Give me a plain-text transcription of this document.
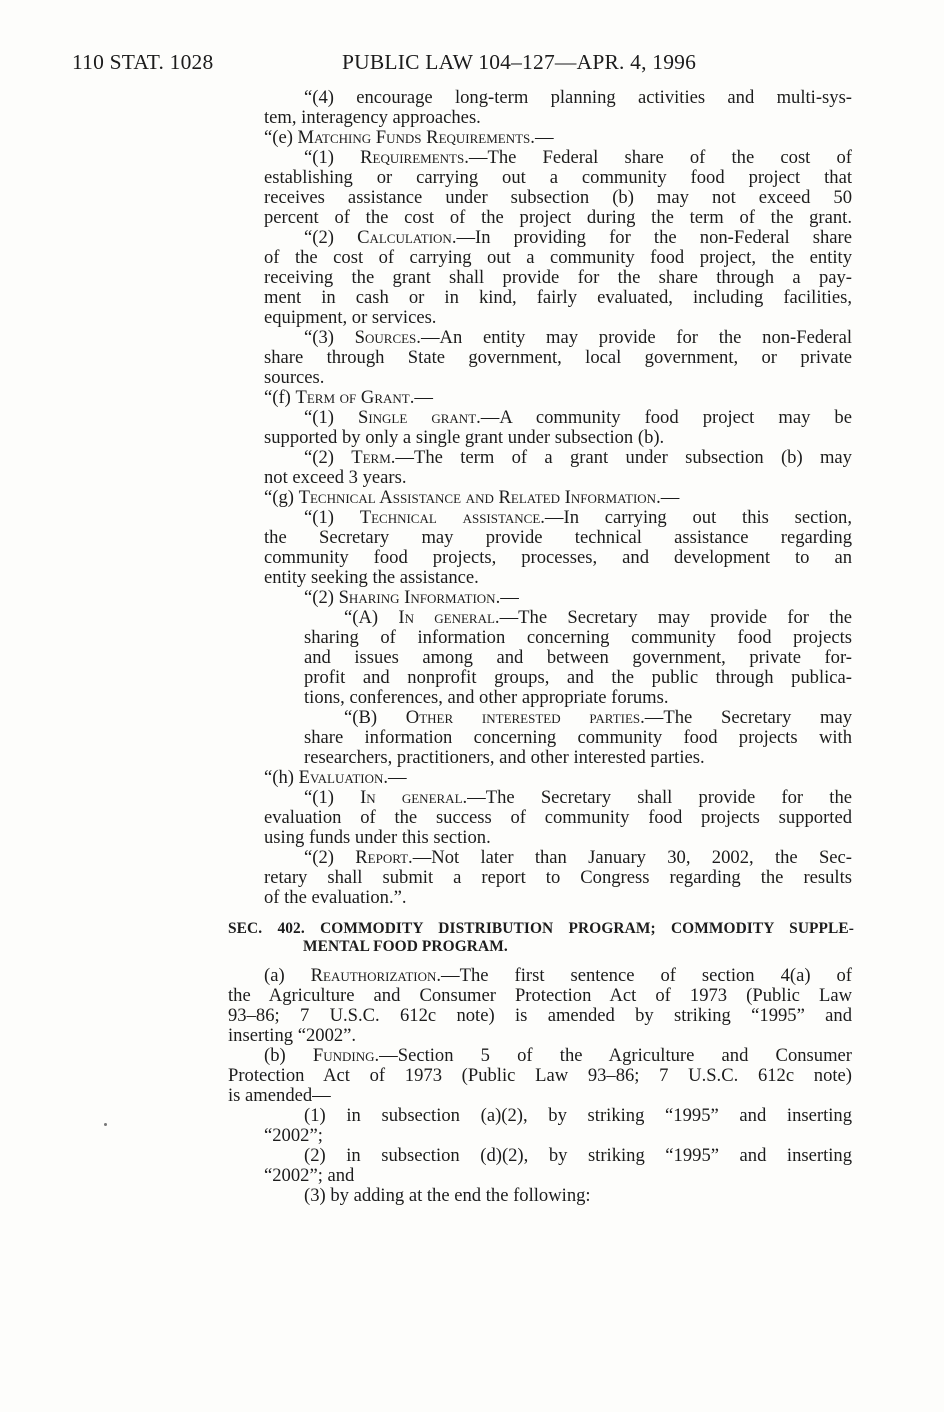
110 STAT. 1028	PUBLIC LAW 104–127—APR. 4, 1996
“(4) encourage long-term planning activities and multi-sys-
tem, interagency approaches.
“(e) Matching Funds Requirements.—
“(1) Requirements.—The Federal share of the cost of
establishing or carrying out a community food project that
receives assistance under subsection (b) may not exceed 50
percent of the cost of the project during the term of the grant.
“(2) Calculation.—In providing for the non-Federal share
of the cost of carrying out a community food project, the entity
receiving the grant shall provide for the share through a pay-
ment in cash or in kind, fairly evaluated, including facilities,
equipment, or services.
“(3) Sources.—An entity may provide for the non-Federal
share through State government, local government, or private
sources.
“(f) Term of Grant.—
“(1) Single grant.—A community food project may be
supported by only a single grant under subsection (b).
“(2) Term.—The term of a grant under subsection (b) may
not exceed 3 years.
“(g) Technical Assistance and Related Information.—
“(1) Technical assistance.—In carrying out this section,
the Secretary may provide technical assistance regarding
community food projects, processes, and development to an
entity seeking the assistance.
“(2) Sharing Information.—
“(A) In general.—The Secretary may provide for the
sharing of information concerning community food projects
and issues among and between government, private for-
profit and nonprofit groups, and the public through publica-
tions, conferences, and other appropriate forums.
“(B) Other interested parties.—The Secretary may
share information concerning community food projects with
researchers, practitioners, and other interested parties.
“(h) Evaluation.—
“(1) In general.—The Secretary shall provide for the
evaluation of the success of community food projects supported
using funds under this section.
“(2) Report.—Not later than January 30, 2002, the Sec-
retary shall submit a report to Congress regarding the results
of the evaluation.”.
SEC. 402. COMMODITY DISTRIBUTION PROGRAM; COMMODITY SUPPLE-
MENTAL FOOD PROGRAM.
(a) Reauthorization.—The first sentence of section 4(a) of
the Agriculture and Consumer Protection Act of 1973 (Public Law
93–86; 7 U.S.C. 612c note) is amended by striking “1995” and
inserting “2002”.
(b) Funding.—Section 5 of the Agriculture and Consumer
Protection Act of 1973 (Public Law 93–86; 7 U.S.C. 612c note)
is amended—
(1) in subsection (a)(2), by striking “1995” and inserting
“2002”;
(2) in subsection (d)(2), by striking “1995” and inserting
“2002”; and
(3) by adding at the end the following:
